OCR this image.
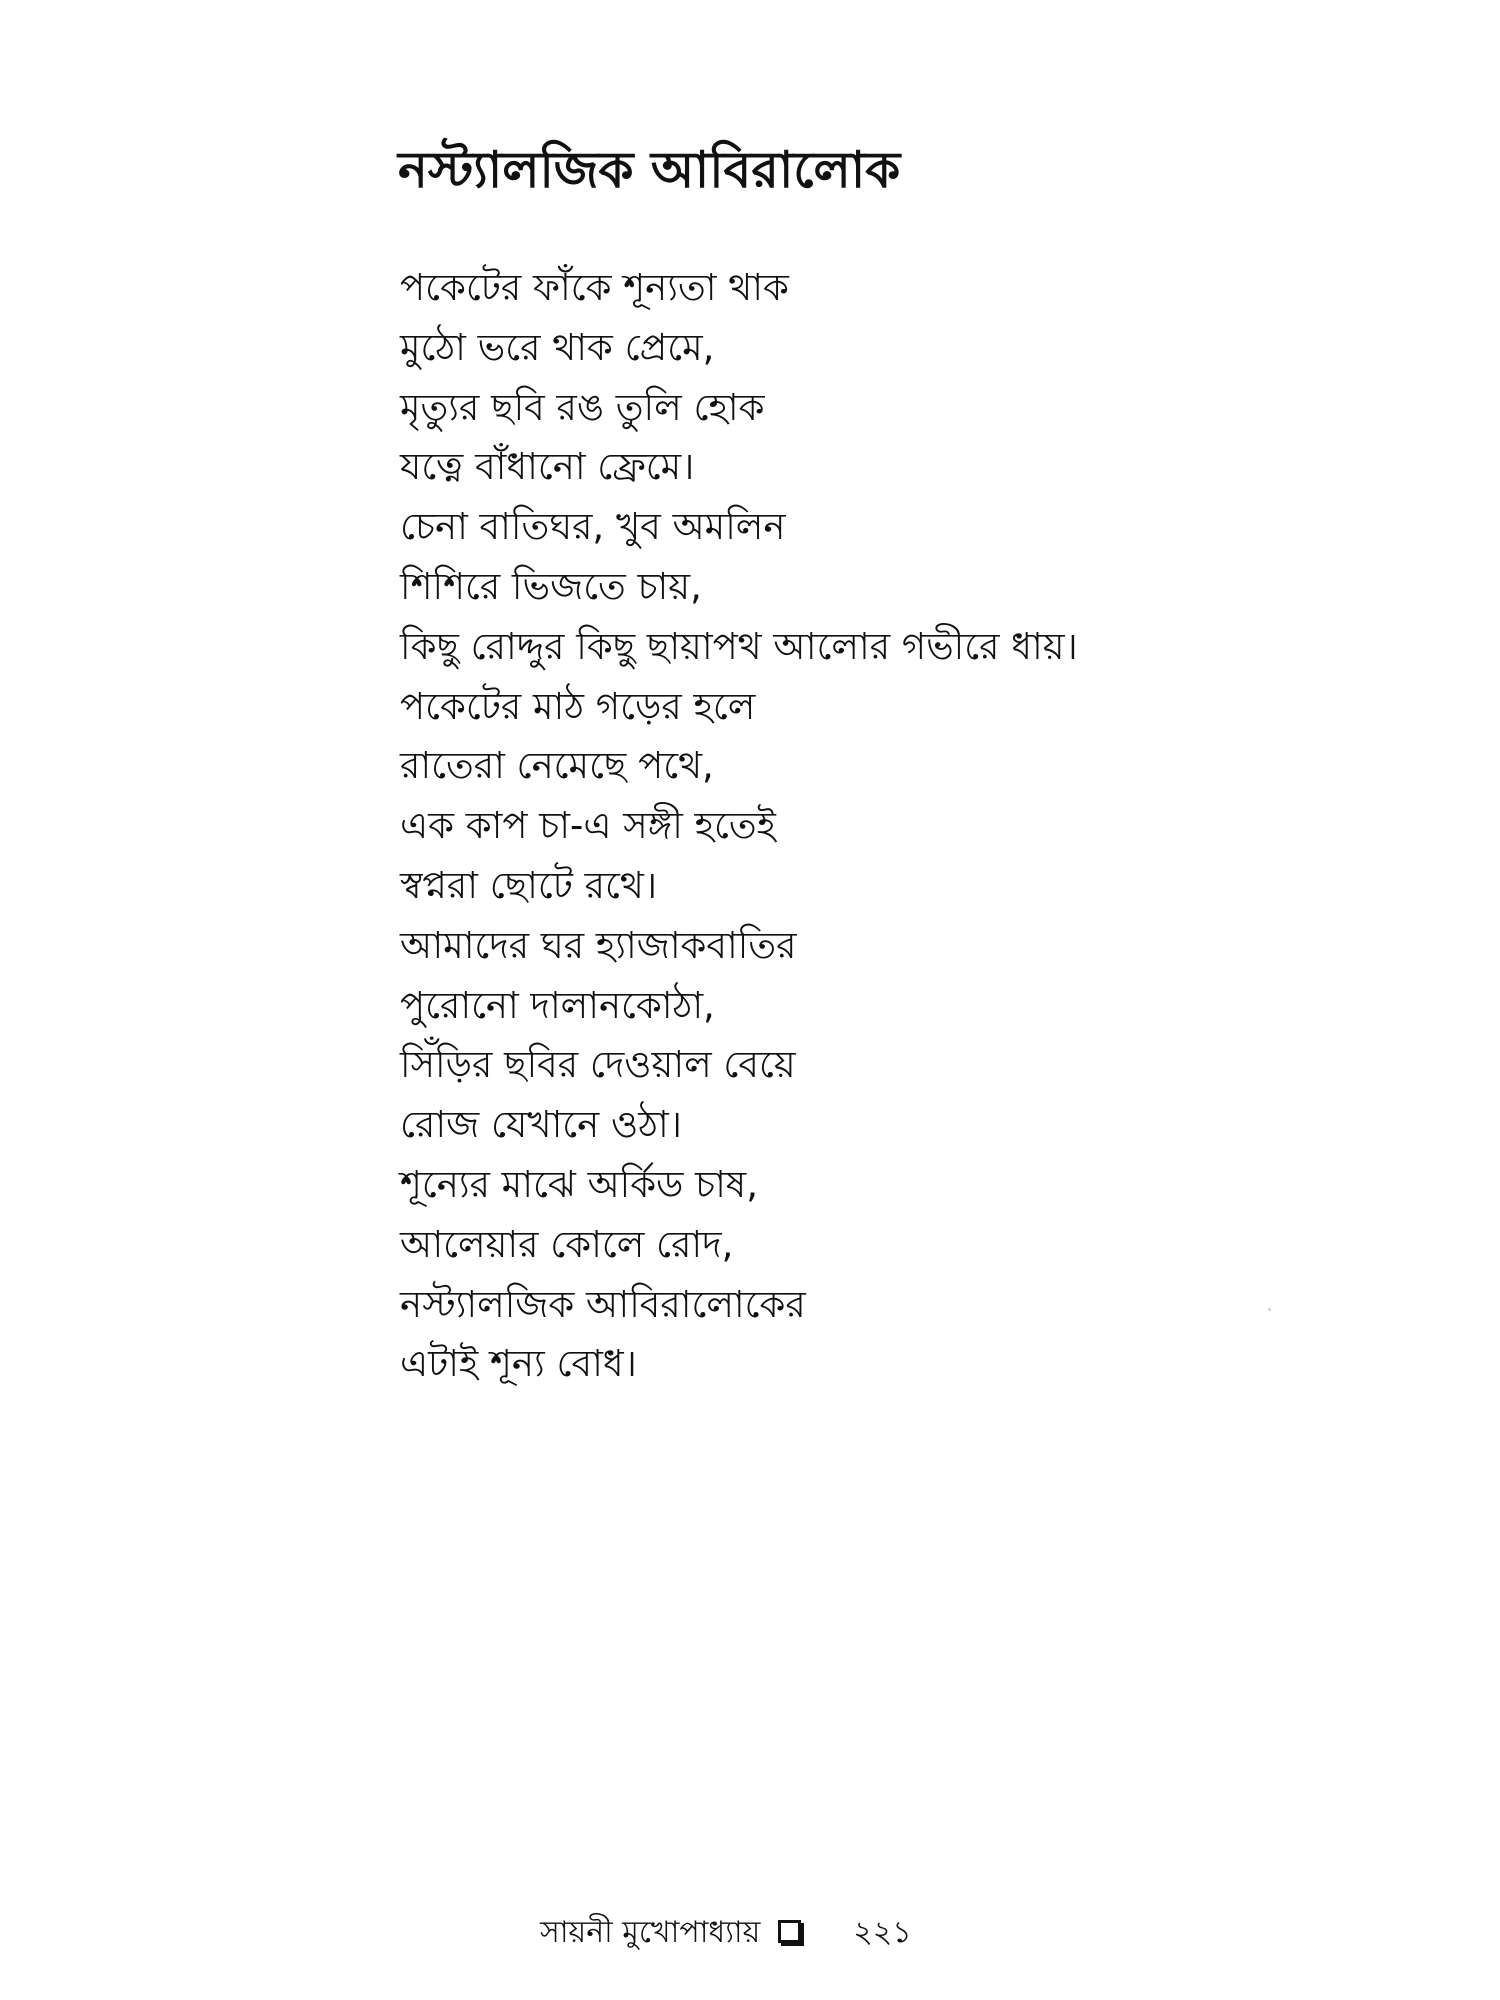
নস্ট্যালজিক আবিরালোক
পকেটের ফাঁকে শূন্যতা থাক
মুঠো ভরে থাক প্রেমে,
মৃত্যুর ছবি রঙ তুলি হোক
যত্নে বাঁধানো ফ্রেমে।
চেনা বাতিঘর, খুব অমলিন
শিশিরে ভিজতে চায়,
কিছু রোদ্দুর কিছু ছায়াপথ আলোর গভীরে ধায়।
পকেটের মাঠ গড়ের হলে
রাতেরা নেমেছে পথে,
এক কাপ চা-এ সঙ্গী হতেই
স্বপ্নরা ছোটে রথে।
আমাদের ঘর হ্যাজাকবাতির
পুরোনো দালানকোঠা,
সিঁড়ির ছবির দেওয়াল বেয়ে
রোজ যেখানে ওঠা।
শূন্যের মাঝে অর্কিড চাষ,
আলেয়ার কোলে রোদ,
নস্ট্যালজিক আবিরালোকের
এটাই শূন্য বোধ।
সায়নী মুখোপাধ্যায়	২২১
